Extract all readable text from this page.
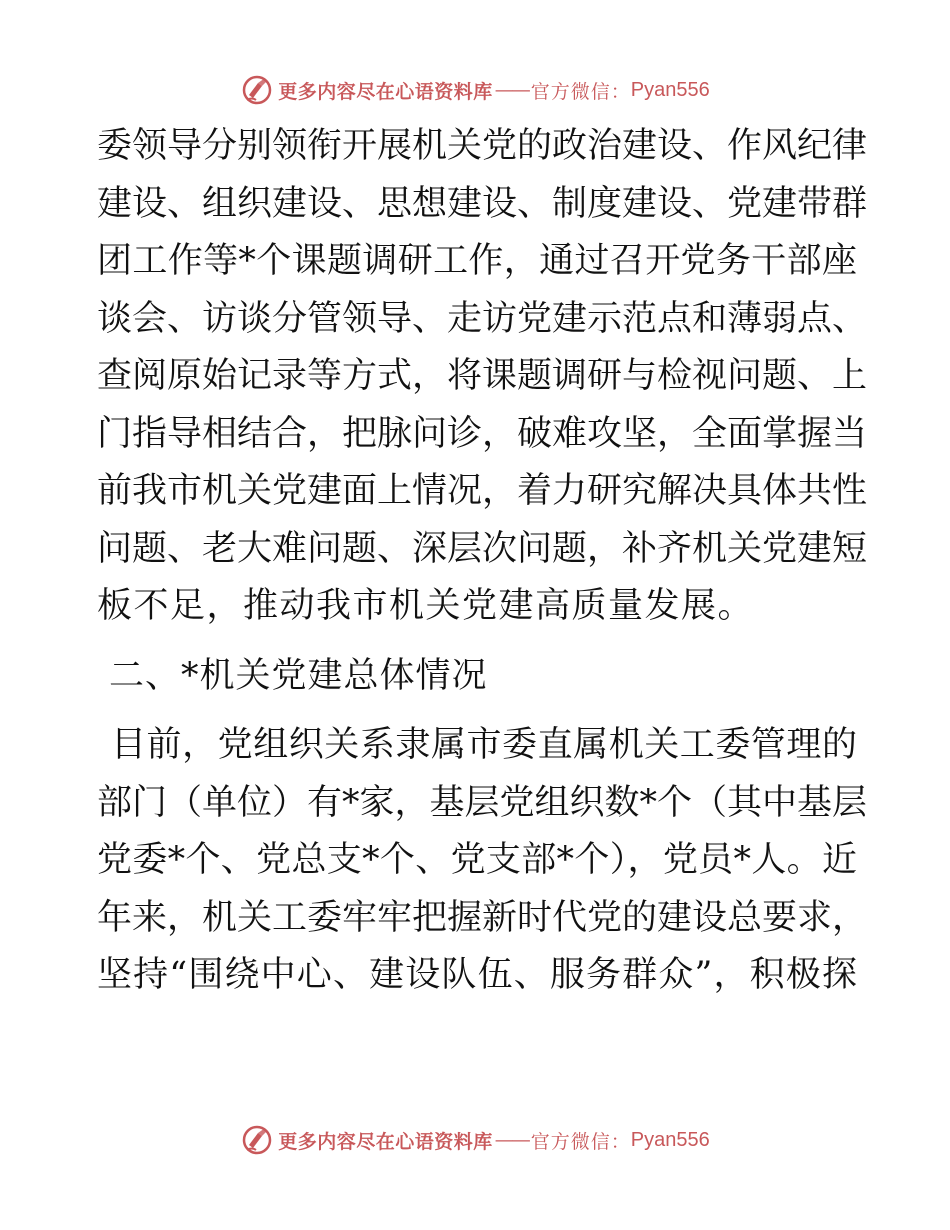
更多内容尽在心语资料库 —— 官方微信： Pyan556
委领导分别领衔开展机关党的政治建设、作风纪律
建设、组织建设、思想建设、制度建设、党建带群
团工作等*个课题调研工作，通过召开党务干部座
谈会、访谈分管领导、走访党建示范点和薄弱点、
查阅原始记录等方式，将课题调研与检视问题、上
门指导相结合，把脉问诊，破难攻坚，全面掌握当
前我市机关党建面上情况，着力研究解决具体共性
问题、老大难问题、深层次问题，补齐机关党建短
板不足，推动我市机关党建高质量发展。
二、*机关党建总体情况
目前，党组织关系隶属市委直属机关工委管理的
部门（单位）有*家，基层党组织数*个（其中基层
党委*个、党总支*个、党支部*个），党员*人。近
年来，机关工委牢牢把握新时代党的建设总要求，
坚持“围绕中心、建设队伍、服务群众”，积极探
更多内容尽在心语资料库 —— 官方微信： Pyan556
